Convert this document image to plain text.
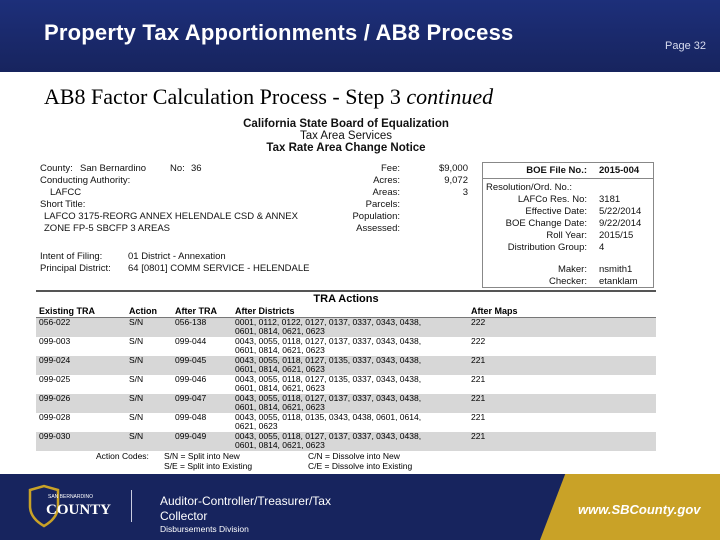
Property Tax Apportionments / AB8 Process
Page 32
AB8 Factor Calculation Process - Step 3 continued
California State Board of Equalization
Tax Area Services
Tax Rate Area Change Notice
County: San Bernardino	No: 36
Conducting Authority:
LAFCC
Short Title:
LAFCO 3175-REORG ANNEX HELENDALE CSD & ANNEX
ZONE FP-5 SBCFP 3 AREAS
Fee:	$9,000
Acres:	9,072
Areas:	3
Parcels:
Population:
Assessed:
Intent of Filing:	01 District - Annexation
Principal District: 64 [0801] COMM SERVICE - HELENDALE
BOE File No.: 2015-004
Resolution/Ord. No.:
LAFCo Res. No: 3181
Effective Date: 5/22/2014
BOE Change Date: 9/22/2014
Roll Year: 2015/15
Distribution Group: 4
Maker: nsmith1
Checker: etanklam
TRA Actions
Existing TRA	Action	After TRA	After Districts	After Maps

056-022	S/N	056-138	0001, 0112, 0122, 0127, 0137, 0337, 0343, 0438,
0601, 0814, 0621, 0623	222

099-003	S/N	099-044	0043, 0055, 0118, 0127, 0137, 0337, 0343, 0438,
0601, 0814, 0621, 0623	222

099-024	S/N	099-045	0043, 0055, 0118, 0127, 0135, 0337, 0343, 0438,
0601, 0814, 0621, 0623	221

099-025	S/N	099-046	0043, 0055, 0118, 0127, 0135, 0337, 0343, 0438,
0601, 0814, 0621, 0623	221

099-026	S/N	099-047	0043, 0055, 0118, 0127, 0137, 0337, 0343, 0438,
0601, 0814, 0621, 0623	221

099-028	S/N	099-048	0043, 0055, 0118, 0135, 0343, 0438, 0601, 0614,
0621, 0623	221

099-030	S/N	099-049	0043, 0055, 0118, 0127, 0137, 0337, 0343, 0438,
0601, 0814, 0621, 0623	221
Action Codes: S/N = Split into New
S/E = Split into Existing
C/N = Dissolve into New
C/E = Dissolve into Existing
SAN BERNARDINO
COUNTY
Auditor-Controller/Treasurer/Tax
Collector
Disbursements Division
www.SBCounty.gov
